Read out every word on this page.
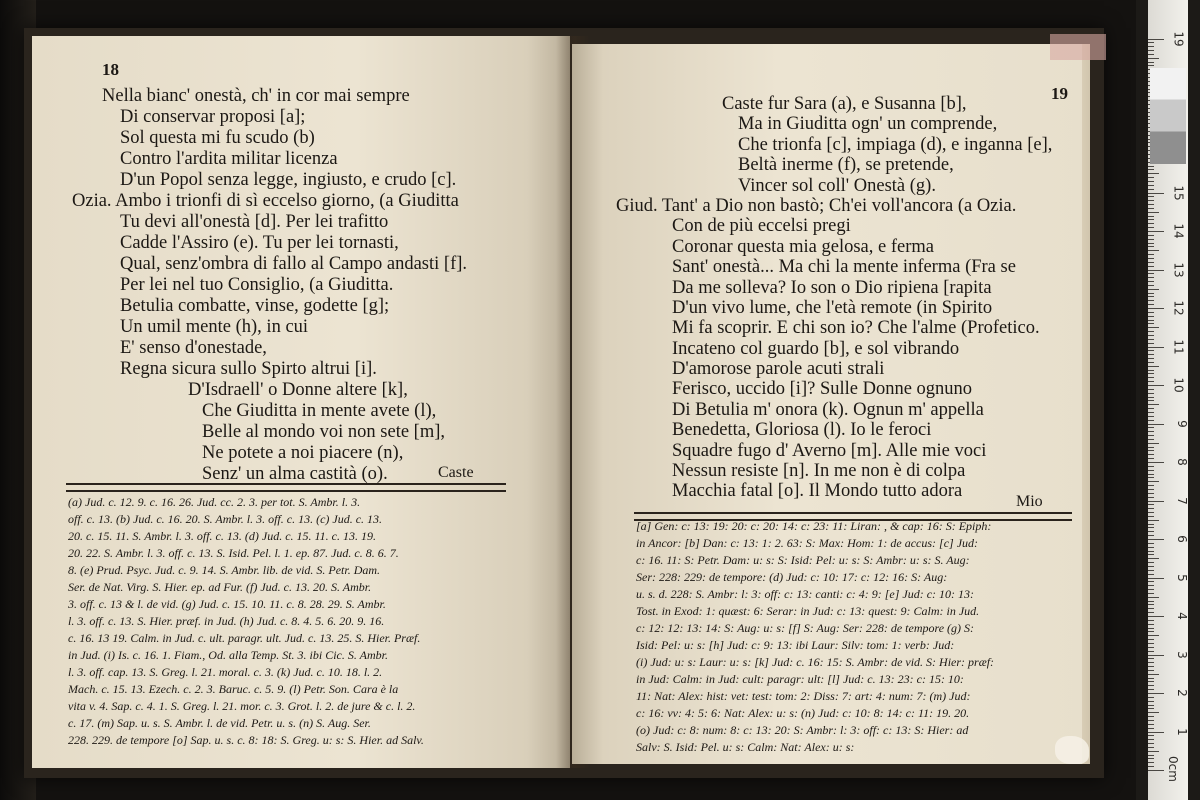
18
Nella bianc' onestà, ch' in cor mai sempre
Di conservar proposi [a];
Sol questa mi fu scudo (b)
Contro l'ardita militar licenza
D'un Popol senza legge, ingiusto, e crudo [c].
Ozia. Ambo i trionfi di sì eccelso giorno, (a Giuditta
Tu devi all'onestà [d]. Per lei trafitto
Cadde l'Assiro (e). Tu per lei tornasti,
Qual, senz'ombra di fallo al Campo andasti [f].
Per lei nel tuo Consiglio, (a Giuditta.
Betulia combatte, vinse, godette [g];
Un umil mente (h), in cui
E' senso d'onestade,
Regna sicura sullo Spirto altrui [i].
D'Isdraell' o Donne altere [k],
Che Giuditta in mente avete (l),
Belle al mondo voi non sete [m],
Ne potete a noi piacere (n),
Senz' un alma castità (o).	Caste
(a) Jud. c. 12. 9. c. 16. 26. Jud. cc. 2. 3. per tot. S. Ambr. l. 3.
off. c. 13. (b) Jud. c. 16. 20. S. Ambr. l. 3. off. c. 13. (c) Jud. c. 13.
20. c. 15. 11. S. Ambr. l. 3. off. c. 13. (d) Jud. c. 15. 11. c. 13. 19.
20. 22. S. Ambr. l. 3. off. c. 13. S. Isid. Pel. l. 1. ep. 87. Jud. c. 8. 6. 7.
8. (e) Prud. Psyc. Jud. c. 9. 14. S. Ambr. lib. de vid. S. Petr. Dam.
Ser. de Nat. Virg. S. Hier. ep. ad Fur. (f) Jud. c. 13. 20. S. Ambr.
3. off. c. 13 & l. de vid. (g) Jud. c. 15. 10. 11. c. 8. 28. 29. S. Ambr.
l. 3. off. c. 13. S. Hier. præf. in Jud. (h) Jud. c. 8. 4. 5. 6. 20. 9. 16.
c. 16. 13 19. Calm. in Jud. c. ult. paragr. ult. Jud. c. 13. 25. S. Hier. Præf.
in Jud. (i) Is. c. 16. 1. Fiam., Od. alla Temp. St. 3. ibi Cic. S. Ambr.
l. 3. off. cap. 13. S. Greg. l. 21. moral. c. 3. (k) Jud. c. 10. 18. l. 2.
Mach. c. 15. 13. Ezech. c. 2. 3. Baruc. c. 5. 9. (l) Petr. Son. Cara è la
vita v. 4. Sap. c. 4. 1. S. Greg. l. 21. mor. c. 3. Grot. l. 2. de jure & c. l. 2.
c. 17. (m) Sap. u. s. S. Ambr. l. de vid. Petr. u. s. (n) S. Aug. Ser.
228. 229. de tempore [o] Sap. u. s. c. 8: 18: S. Greg. u: s: S. Hier. ad Salv.
19
Caste fur Sara (a), e Susanna [b],
Ma in Giuditta ogn' un comprende,
Che trionfa [c], impiaga (d), e inganna [e],
Beltà inerme (f), se pretende,
Vincer sol coll' Onestà (g).
Giud. Tant' a Dio non bastò; Ch'ei voll'ancora (a Ozia.
Con de più eccelsi pregi
Coronar questa mia gelosa, e ferma
Sant' onestà... Ma chi la mente inferma (Fra se
Da me solleva? Io son o Dio ripiena [rapita
D'un vivo lume, che l'età remote (in Spirito
Mi fa scoprir. E chi son io? Che l'alme (Profetico.
Incateno col guardo [b], e sol vibrando
D'amorose parole acuti strali
Ferisco, uccido [i]? Sulle Donne ognuno
Di Betulia m' onora (k). Ognun m' appella
Benedetta, Gloriosa (l). Io le feroci
Squadre fugo d' Averno [m]. Alle mie voci
Nessun resiste [n]. In me non è di colpa
Macchia fatal [o]. Il Mondo tutto adora
Mio
[a] Gen: c: 13: 19: 20: c: 20: 14: c: 23: 11: Liran: , & cap: 16: S: Epiph:
in Ancor: [b] Dan: c: 13: 1: 2. 63: S: Max: Hom: 1: de accus: [c] Jud:
c: 16. 11: S: Petr. Dam: u: s: S: Isid: Pel: u: s: S: Ambr: u: s: S. Aug:
Ser: 228: 229: de tempore: (d) Jud: c: 10: 17: c: 12: 16: S: Aug:
u. s. d. 228: S. Ambr: l: 3: off: c: 13: canti: c: 4: 9: [e] Jud: c: 10: 13:
Tost. in Exod: 1: quæst: 6: Serar: in Jud: c: 13: quest: 9: Calm: in Jud.
c: 12: 12: 13: 14: S: Aug: u: s: [f] S: Aug: Ser: 228: de tempore (g) S:
Isid: Pel: u: s: [h] Jud: c: 9: 13: ibi Laur: Silv: tom: 1: verb: Jud:
(i) Jud: u: s: Laur: u: s: [k] Jud: c. 16: 15: S. Ambr: de vid. S: Hier: præf:
in Jud: Calm: in Jud: cult: paragr: ult: [l] Jud: c. 13: 23: c: 15: 10:
11: Nat: Alex: hist: vet: test: tom: 2: Diss: 7: art: 4: num: 7: (m) Jud:
c: 16: vv: 4: 5: 6: Nat: Alex: u: s: (n) Jud: c: 10: 8: 14: c: 11: 19. 20.
(o) Jud: c: 8: num: 8: c: 13: 20: S: Ambr: l: 3: off: c: 13: S: Hier: ad
Salv: S. Isid: Pel. u: s: Calm: Nat: Alex: u: s:
0cm
1
2
3
4
5
6
7
8
9
10
11
12
13
14
15
19
